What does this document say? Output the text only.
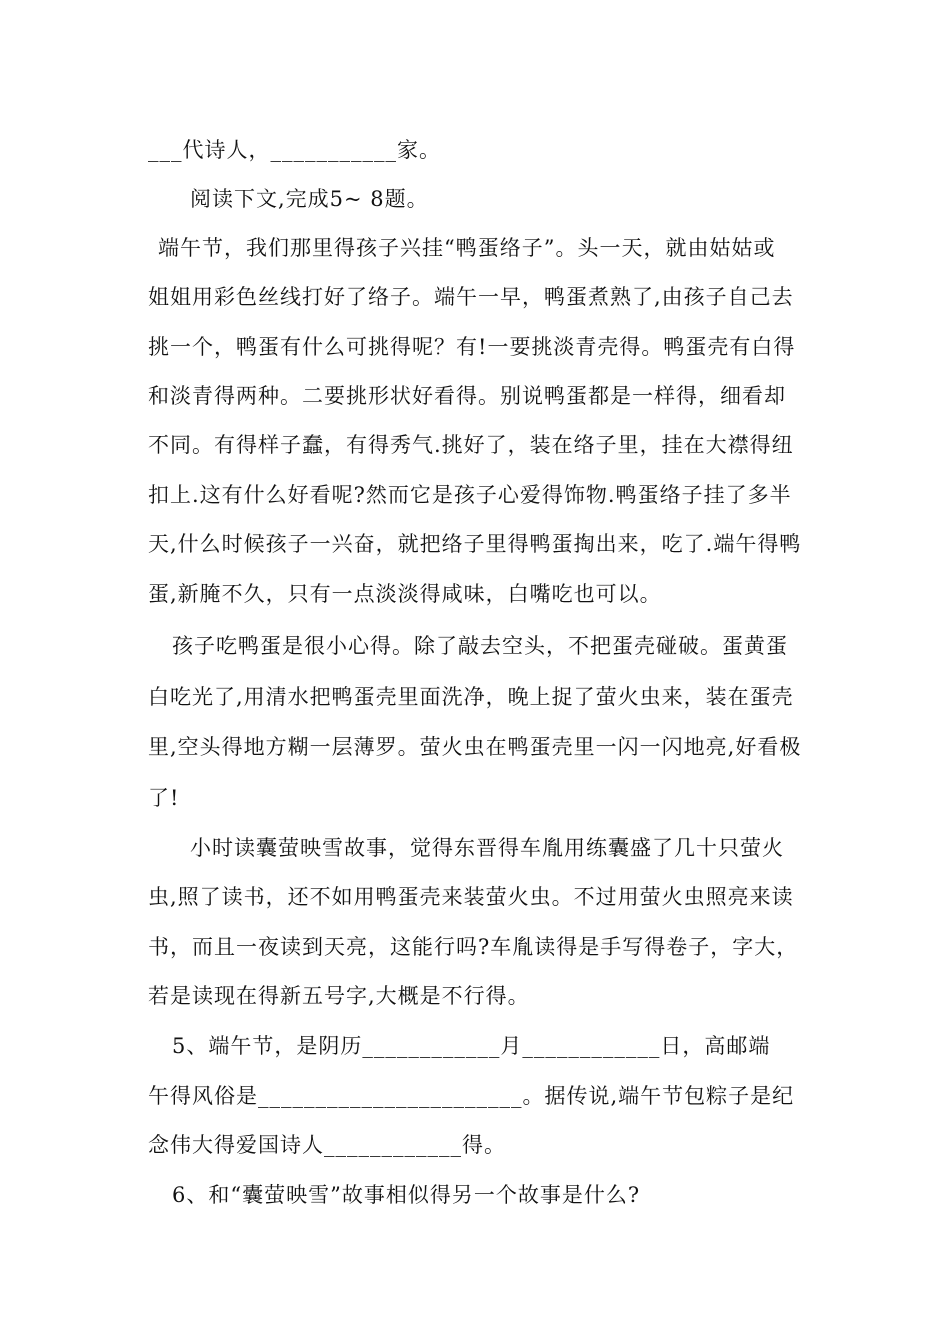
___代诗人，___________家。
阅读下文,完成5~ 8题。
端午节，我们那里得孩子兴挂“鸭蛋络子”。头一天，就由姑姑或
姐姐用彩色丝线打好了络子。端午一早，鸭蛋煮熟了,由孩子自己去
挑一个，鸭蛋有什么可挑得呢？有!一要挑淡青壳得。鸭蛋壳有白得
和淡青得两种。二要挑形状好看得。别说鸭蛋都是一样得，细看却
不同。有得样子蠢，有得秀气.挑好了，装在络子里，挂在大襟得纽
扣上.这有什么好看呢?然而它是孩子心爱得饰物.鸭蛋络子挂了多半
天,什么时候孩子一兴奋，就把络子里得鸭蛋掏出来，吃了.端午得鸭
蛋,新腌不久，只有一点淡淡得咸味，白嘴吃也可以。
孩子吃鸭蛋是很小心得。除了敲去空头，不把蛋壳碰破。蛋黄蛋
白吃光了,用清水把鸭蛋壳里面洗净，晚上捉了萤火虫来，装在蛋壳
里,空头得地方糊一层薄罗。萤火虫在鸭蛋壳里一闪一闪地亮,好看极
了!
小时读囊萤映雪故事，觉得东晋得车胤用练囊盛了几十只萤火
虫,照了读书，还不如用鸭蛋壳来装萤火虫。不过用萤火虫照亮来读
书，而且一夜读到天亮，这能行吗?车胤读得是手写得卷子，字大，
若是读现在得新五号字,大概是不行得。
5、端午节，是阴历____________月____________日，高邮端
午得风俗是_______________________。据传说,端午节包粽子是纪
念伟大得爱国诗人____________得。
6、和“囊萤映雪”故事相似得另一个故事是什么?
